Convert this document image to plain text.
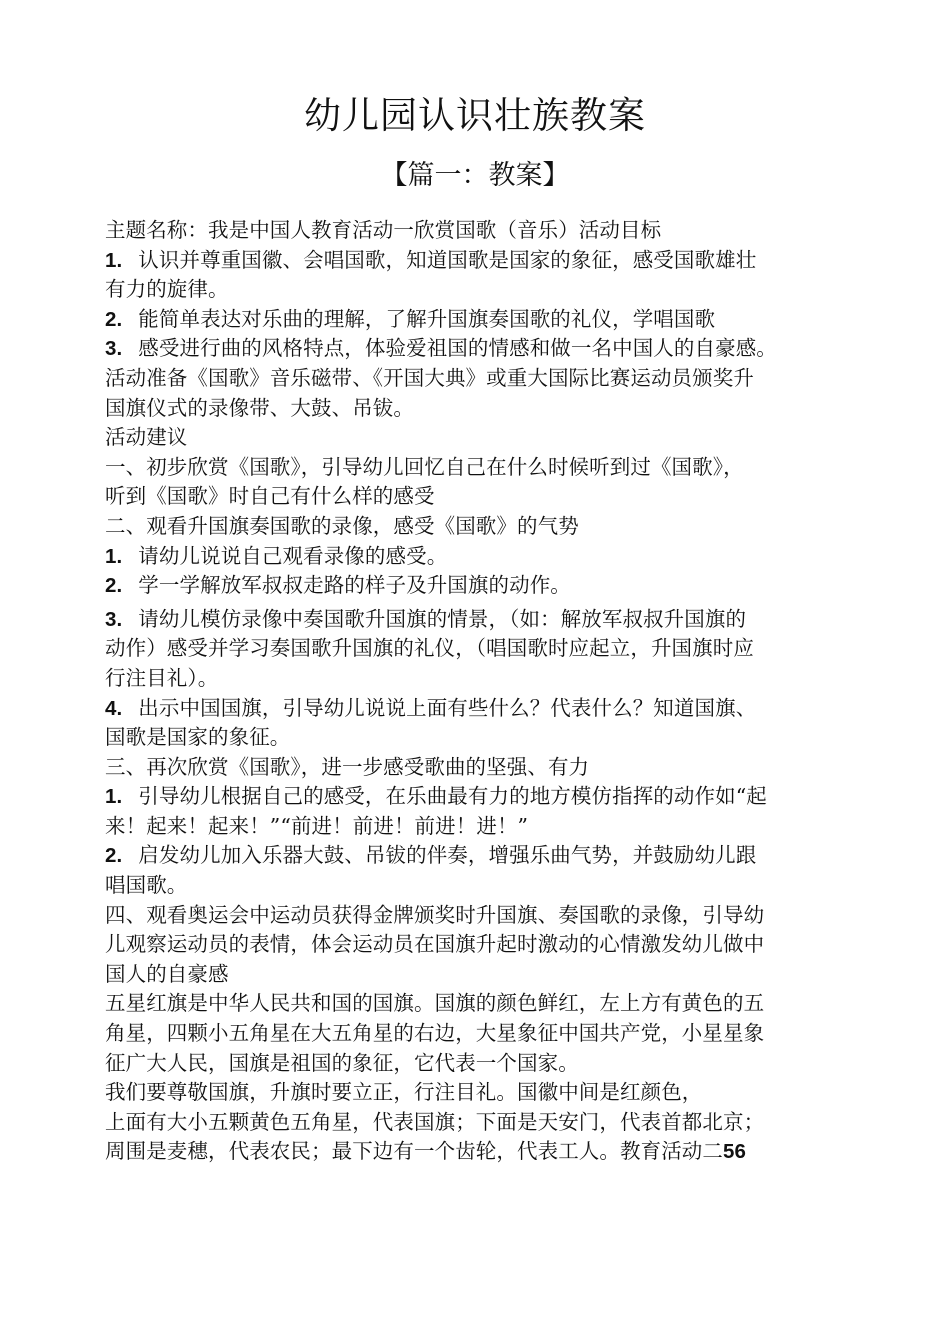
幼儿园认识壮族教案
【篇一：教案】
主题名称：我是中国人教育活动一欣赏国歌（音乐）活动目标
1. 认识并尊重国徽、会唱国歌，知道国歌是国家的象征，感受国歌雄壮
有力的旋律。
2. 能简单表达对乐曲的理解，了解升国旗奏国歌的礼仪，学唱国歌
3. 感受进行曲的风格特点，体验爱祖国的情感和做一名中国人的自豪感。
活动准备《国歌》音乐磁带、《开国大典》或重大国际比赛运动员颁奖升
国旗仪式的录像带、大鼓、吊钹。
活动建议
一、初步欣赏《国歌》，引导幼儿回忆自己在什么时候听到过《国歌》，
听到《国歌》时自己有什么样的感受
二、观看升国旗奏国歌的录像，感受《国歌》的气势
1. 请幼儿说说自己观看录像的感受。
2. 学一学解放军叔叔走路的样子及升国旗的动作。
3. 请幼儿模仿录像中奏国歌升国旗的情景，（如：解放军叔叔升国旗的
动作）感受并学习奏国歌升国旗的礼仪，（唱国歌时应起立，升国旗时应
行注目礼）。
4. 出示中国国旗，引导幼儿说说上面有些什么？代表什么？知道国旗、
国歌是国家的象征。
三、再次欣赏《国歌》，进一步感受歌曲的坚强、有力
1. 引导幼儿根据自己的感受，在乐曲最有力的地方模仿指挥的动作如“起
来！起来！起来！”“前进！前进！前进！进！”
2. 启发幼儿加入乐器大鼓、吊钹的伴奏，增强乐曲气势，并鼓励幼儿跟
唱国歌。
四、观看奥运会中运动员获得金牌颁奖时升国旗、奏国歌的录像，引导幼
儿观察运动员的表情，体会运动员在国旗升起时激动的心情激发幼儿做中
国人的自豪感
五星红旗是中华人民共和国的国旗。国旗的颜色鲜红，左上方有黄色的五
角星，四颗小五角星在大五角星的右边，大星象征中国共产党，小星星象
征广大人民，国旗是祖国的象征，它代表一个国家。
我们要尊敬国旗，升旗时要立正，行注目礼。国徽中间是红颜色，
上面有大小五颗黄色五角星，代表国旗；下面是天安门，代表首都北京；
周围是麦穗，代表农民；最下边有一个齿轮，代表工人。教育活动二56
